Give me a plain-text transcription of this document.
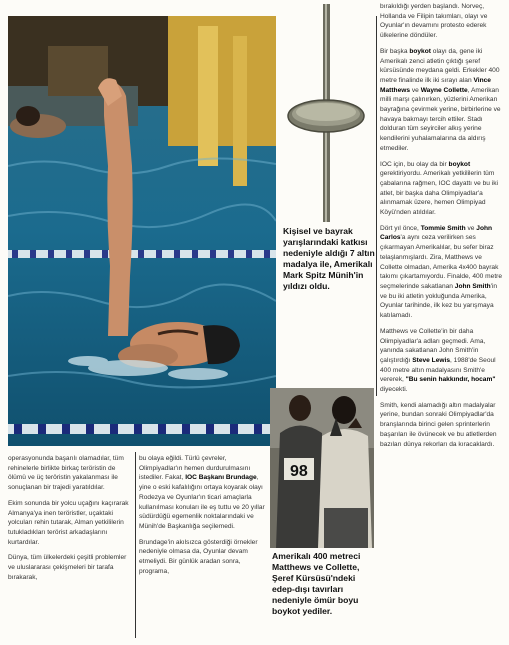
Kişisel ve bayrak yarışlarındaki katkısı nedeniyle aldığı 7 altın madalya ile, Amerikalı Mark Spitz Münih'in yıldızı oldu.
98
Amerikalı 400 metreci Matthews ve Collette, Şeref Kürsüsü'ndeki edep-dışı tavırları nedeniyle ömür boyu boykot yediler.

bırakıldığı yerden başlandı. Norveç, Hollanda ve Filipin takımları, olayı ve Oyunlar'ın devamını protesto ederek ülkelerine döndüler.

Bir başka boykot olayı da, gene iki Amerikalı zenci atletin çıktığı şeref kürsüsünde meydana geldi. Erkekler 400 metre finalinde ilk iki sırayı alan Vince Matthews ve Wayne Collette, Amerikan milli marşı çalınırken, yüzlerini Amerikan bayrağına çevirmek yerine, birbirlerine ve havaya bakmayı tercih ettiler. Stadı dolduran tüm seyirciler alkış yerine kendilerini yuhalamalarına da aldırış etmediler.

IOC için, bu olay da bir boykot gerektiriyordu. Amerikalı yetkililerin tüm çabalarına rağmen, IOC dayattı ve bu iki atlet, bir başka daha Olimpiyadlar'a alınmamak üzere, hemen Olimpiyad Köyü'nden atıldılar.

Dört yıl önce, Tommie Smith ve John Carlos'a aynı ceza verilirken ses çıkarmayan Amerikalılar, bu sefer biraz telaşlanmışlardı. Zira, Matthews ve Collette olmadan, Amerika 4x400 bayrak takımı çıkartamıyordu. Finalde, 400 metre seçmelerinde sakatlanan John Smith'in ve bu iki atletin yokluğunda Amerika, Oyunlar tarihinde, ilk kez bu yarışmaya katılamadı.

Matthews ve Collette'in bir daha Olimpiyadlar'a adları geçmedi. Ama, yanında sakatlanan John Smith'in çalıştırdığı Steve Lewis, 1988'de Seoul 400 metre altın madalyasını Smith'e vererek, "Bu senin hakkındır, hocam" diyecekti.

Smith, kendi alamadığı altın madalyalar yerine, bundan sonraki Olimpiyadlar'da branşlarında birinci gelen sprinterlerin başarıları ile övünecek ve bu atletlerden bazıları dünya rekorları da kıracaklardı.

operasyonunda başarılı olamadılar, tüm rehinelerle birlikte birkaç teröristin de ölümü ve üç teröristin yakalanması ile sonuçlanan bir trajedi yaratıldılar.

Ekim sonunda bir yolcu uçağını kaçırarak Almanya'ya inen teröristler, uçaktaki yolcuları rehin tutarak, Alman yetkililerin tutukladıkları terörist arkadaşlarını kurtardılar.

Dünya, tüm ülkelerdeki çeşitli problemler ve uluslararası çekişmeleri bir tarafa bırakarak,

bu olaya eğildi. Türlü çevreler, Olimpiyadlar'ın hemen durdurulmasını istediler. Fakat, IOC Başkanı Brundage, yine o eski kafalılığını ortaya koyarak olayı Rodezya ve Oyunlar'ın ticari amaçlarla kullanılması konuları ile eş tuttu ve 20 yıllar südürdüğü egemenlik noktalarındaki ve Münih'de Başkanlığa seçilemedi.

Brundage'in akılsızca gösterdiği örnekler nedeniyle olmasa da, Oyunlar devam etmeliydi. Bir günlük aradan sonra, programa,
